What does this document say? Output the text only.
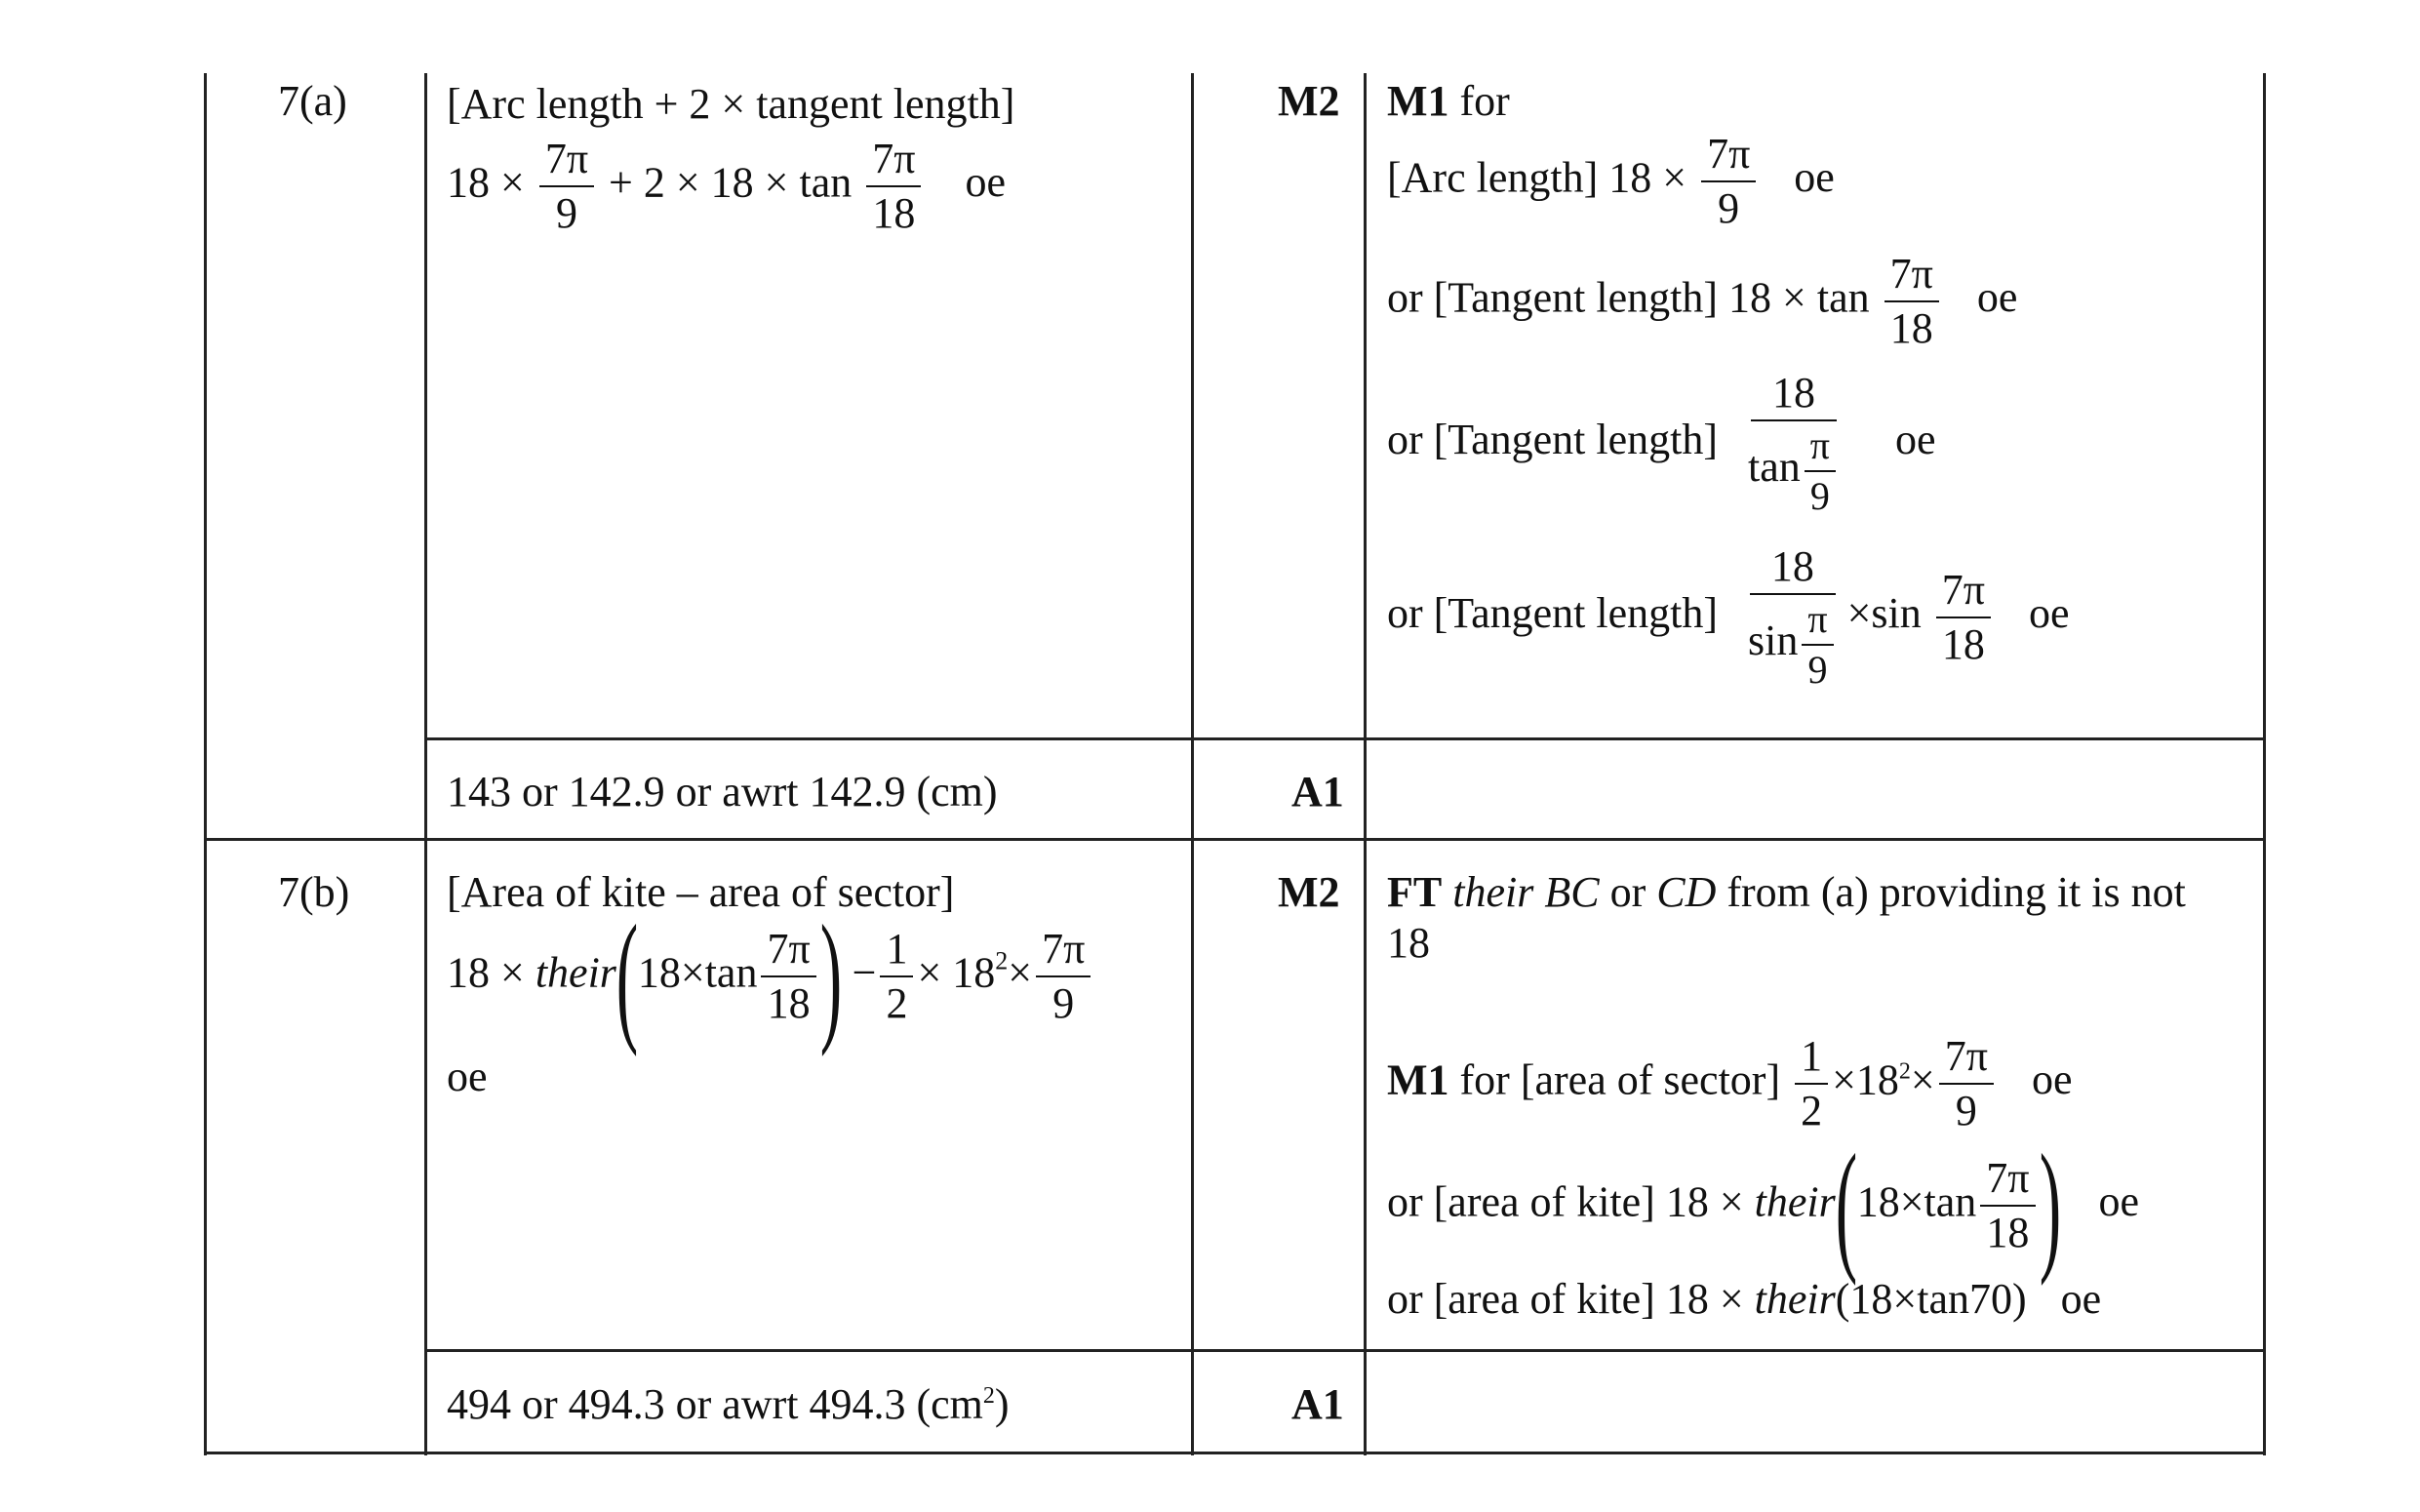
7(a) [Arc length + 2 × tangent length]
$18 \times \frac{7\pi}{9} + 2 \times 18 \times \tan \frac{7\pi}{18}$ oe
M2 M1 for
[Arc length] $18 \times \frac{7\pi}{9}$ oe
or [Tangent length] $18 \times \tan \frac{7\pi}{18}$ oe
or [Tangent length] $\frac{18}{\tan \frac{\pi}{9}}$ oe
or [Tangent length] $\frac{18}{\sin \frac{\pi}{9}} \times\sin \frac{7\pi}{18}$ oe
143 or 142.9 or awrt 142.9 (cm)	A1
7(b) [Area of kite – area of sector]
18 × their(18×tan $\frac{7\pi}{18}$ ) − $\frac{1}{2} \times 18^2\times \frac{7\pi}{9}$
oe
M2 FT their BC or CD from (a) providing it is not
18
M1 for [area of sector] $\frac{1}{2} \times 18^2\times \frac{7\pi}{9}$ oe
or [area of kite] 18 × their(18×tan $\frac{7\pi}{18}$ ) oe
or [area of kite] 18 × their(18×tan70) oe
494 or 494.3 or awrt 494.3 $(cm^2)$	A1
